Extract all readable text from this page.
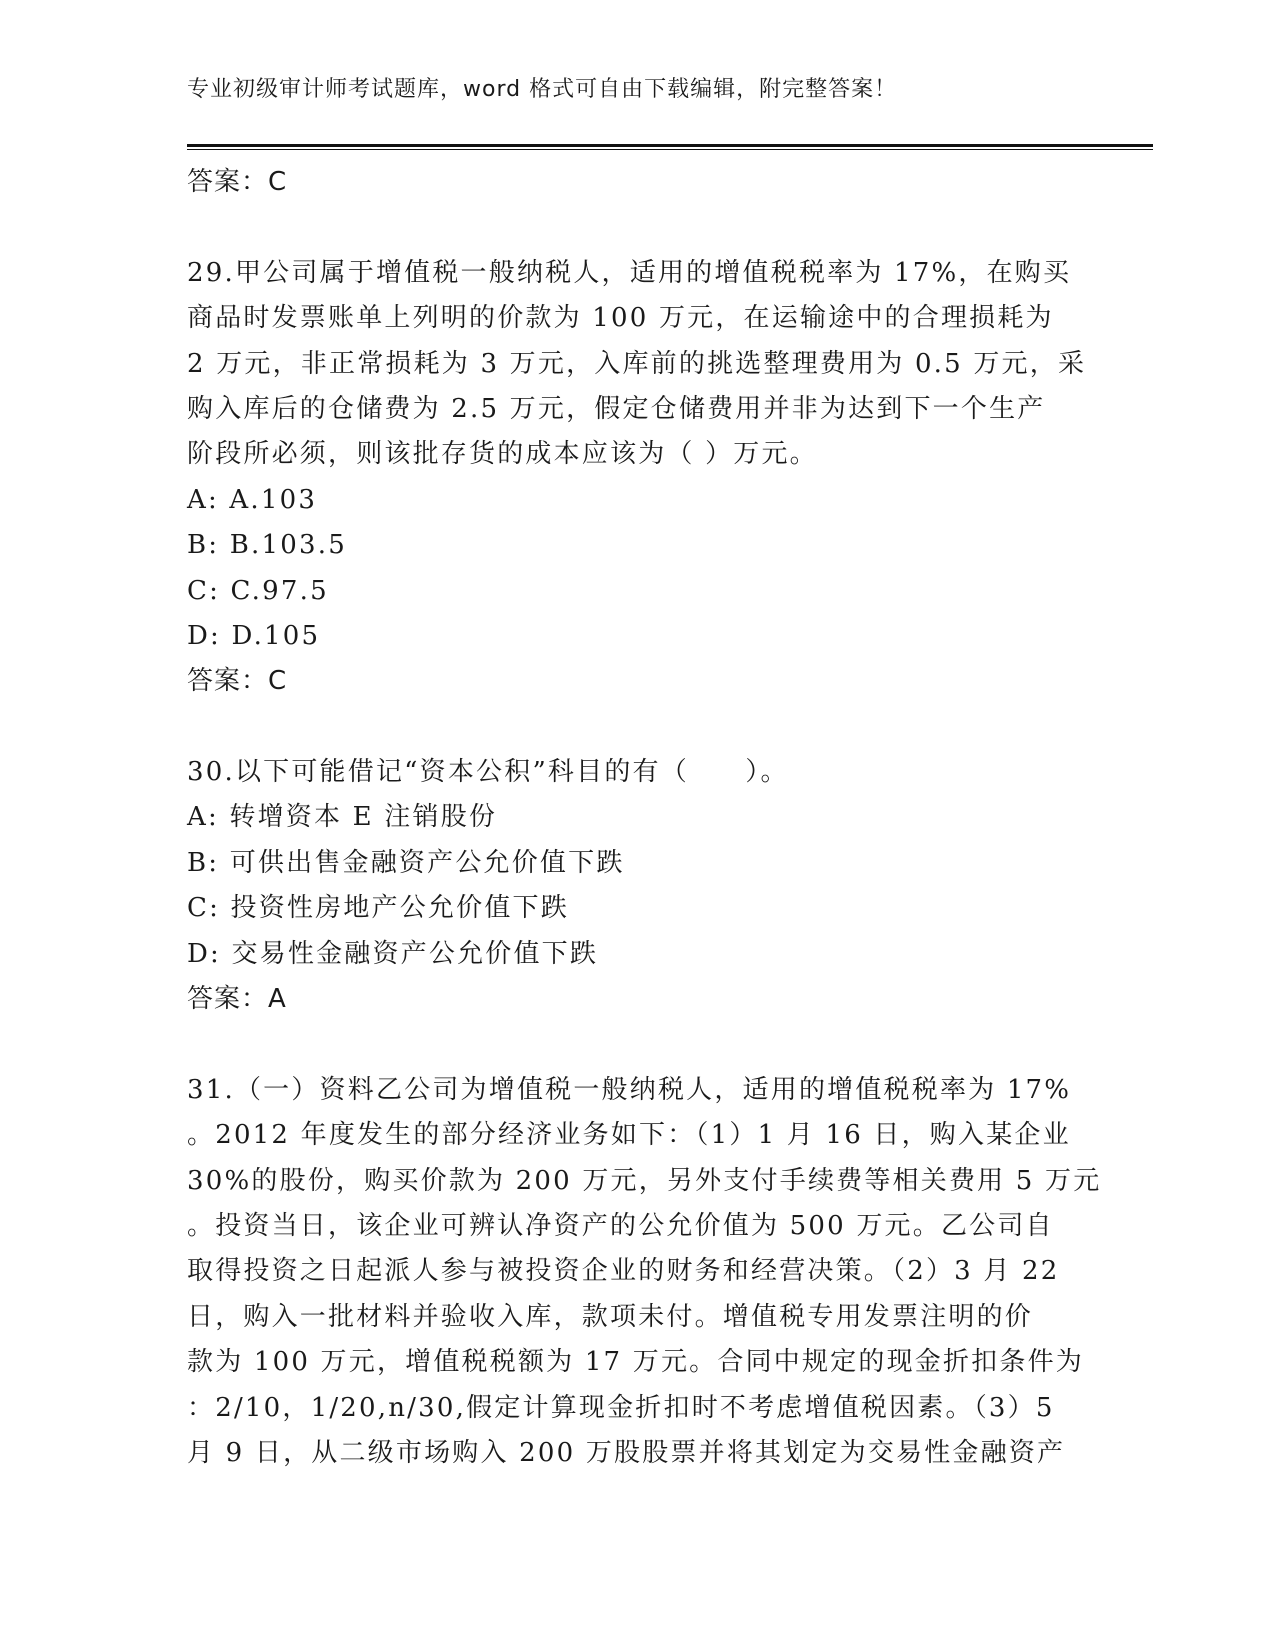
专业初级审计师考试题库，word 格式可自由下载编辑，附完整答案！
答案：C
29.甲公司属于增值税一般纳税人，适用的增值税税率为 17%，在购买
商品时发票账单上列明的价款为 100 万元，在运输途中的合理损耗为
2 万元，非正常损耗为 3 万元，入库前的挑选整理费用为 0.5 万元，采
购入库后的仓储费为 2.5 万元，假定仓储费用并非为达到下一个生产
阶段所必须，则该批存货的成本应该为（ ）万元。
A: A.103
B: B.103.5
C: C.97.5
D: D.105
答案：C
30.以下可能借记“资本公积”科目的有（　　）。
A: 转增资本 E 注销股份
B: 可供出售金融资产公允价值下跌
C: 投资性房地产公允价值下跌
D: 交易性金融资产公允价值下跌
答案：A
31.（一）资料乙公司为增值税一般纳税人，适用的增值税税率为 17%
。2012 年度发生的部分经济业务如下：（1）1 月 16 日，购入某企业
30%的股份，购买价款为 200 万元，另外支付手续费等相关费用 5 万元
。投资当日，该企业可辨认净资产的公允价值为 500 万元。乙公司自
取得投资之日起派人参与被投资企业的财务和经营决策。（2）3 月 22
日，购入一批材料并验收入库，款项未付。增值税专用发票注明的价
款为 100 万元，增值税税额为 17 万元。合同中规定的现金折扣条件为
：2/10，1/20,n/30,假定计算现金折扣时不考虑增值税因素。（3）5
月 9 日，从二级市场购入 200 万股股票并将其划定为交易性金融资产
